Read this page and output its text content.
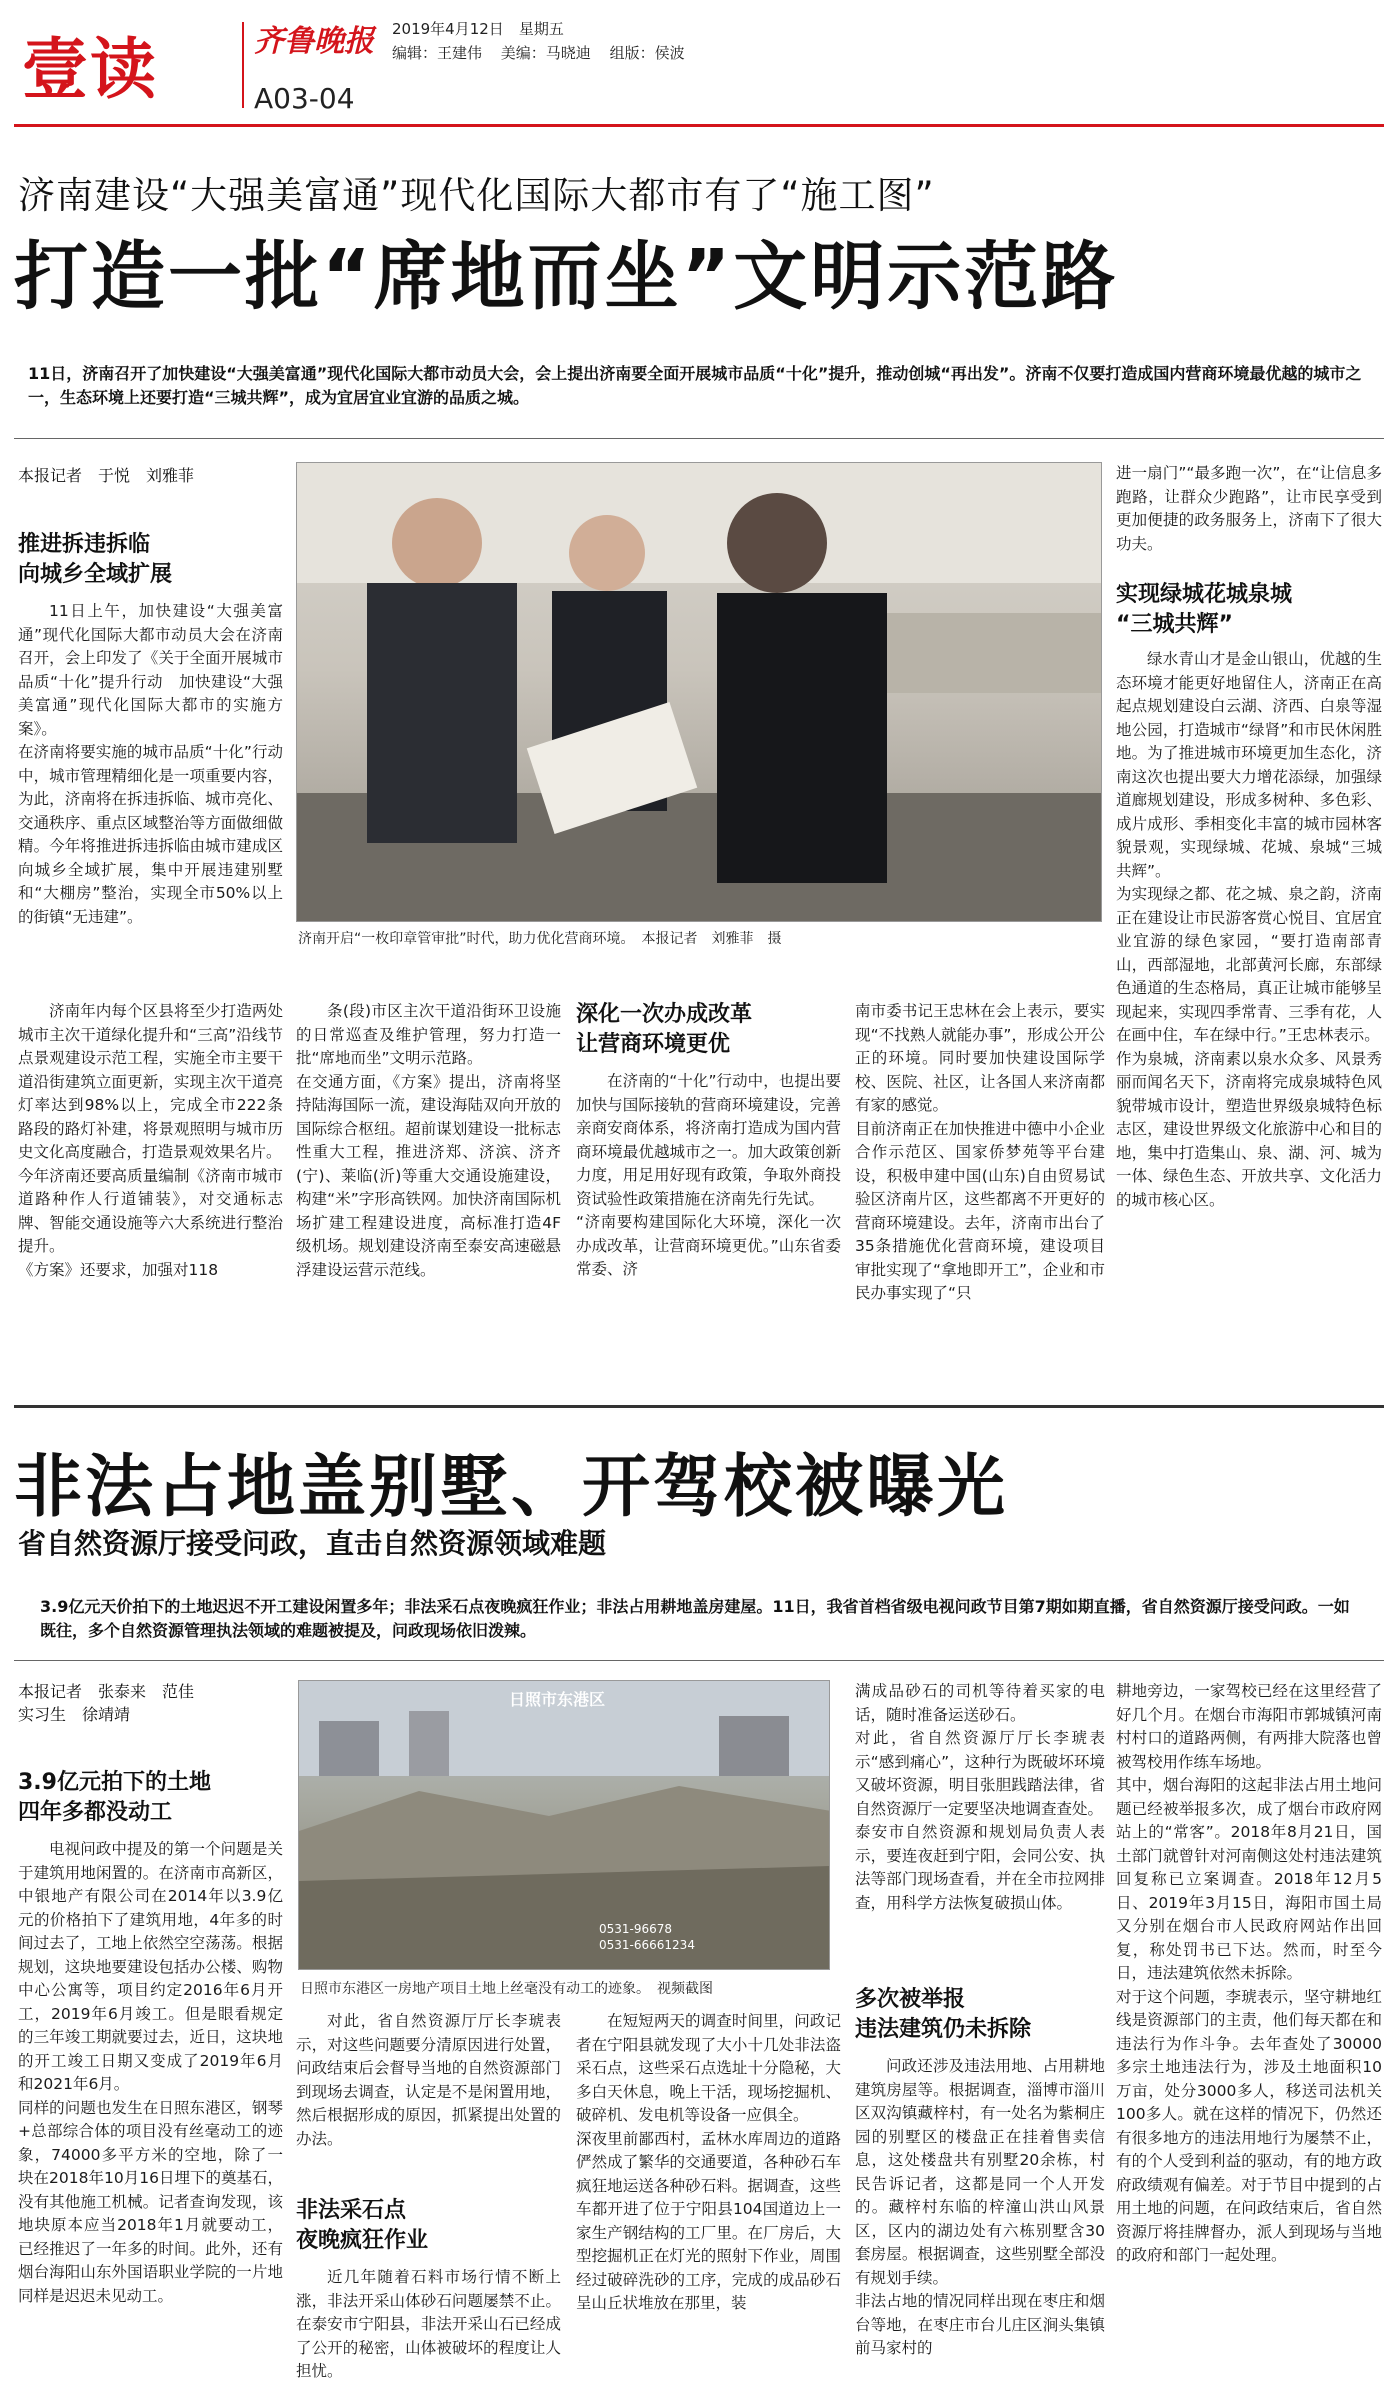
壹读	齐鲁晚报
A03-04
2019年4月12日　 星期五
编辑：王建伟 美编：马晓迪 组版：侯波
济南建设“大强美富通”现代化国际大都市有了“施工图”
打造一批“席地而坐”文明示范路
11日，济南召开了加快建设“大强美富通”现代化国际大都市动员大会，会上提出济南要全面开展城市品质“十化”提升，推动创城“再出发”。济南不仅要打造成国内营商环境最优越的城市之一，生态环境上还要打造“三城共辉”，成为宜居宜业宜游的品质之城。
本报记者　于悦　刘雅菲
推进拆违拆临
向城乡全域扩展
11日上午，加快建设“大强美富通”现代化国际大都市动员大会在济南召开，会上印发了《关于全面开展城市品质“十化”提升行动　加快建设“大强美富通”现代化国际大都市的实施方案》。
在济南将要实施的城市品质“十化”行动中，城市管理精细化是一项重要内容，为此，济南将在拆违拆临、城市亮化、交通秩序、重点区域整治等方面做细做精。今年将推进拆违拆临由城市建成区向城乡全域扩展，集中开展违建别墅和“大棚房”整治，实现全市50%以上的街镇“无违建”。
济南年内每个区县将至少打造两处城市主次干道绿化提升和“三高”沿线节点景观建设示范工程，实施全市主要干道沿街建筑立面更新，实现主次干道亮灯率达到98%以上，完成全市222条路段的路灯补建，将景观照明与城市历史文化高度融合，打造景观效果名片。
今年济南还要高质量编制《济南市城市道路种作人行道铺装》，对交通标志牌、智能交通设施等六大系统进行整治提升。
《方案》还要求，加强对118
济南开启“一枚印章管审批”时代，助力优化营商环境。　本报记者　刘雅菲　摄
条(段)市区主次干道沿街环卫设施的日常巡查及维护管理，努力打造一批“席地而坐”文明示范路。
在交通方面，《方案》提出，济南将坚持陆海国际一流，建设海陆双向开放的国际综合枢纽。超前谋划建设一批标志性重大工程，推进济郑、济滨、济齐(宁)、莱临(沂)等重大交通设施建设，构建“米”字形高铁网。加快济南国际机场扩建工程建设进度，高标准打造4F级机场。规划建设济南至泰安高速磁悬浮建设运营示范线。
深化一次办成改革
让营商环境更优
在济南的“十化”行动中，也提出要加快与国际接轨的营商环境建设，完善亲商安商体系，将济南打造成为国内营商环境最优越城市之一。加大政策创新力度，用足用好现有政策，争取外商投资试验性政策措施在济南先行先试。
“济南要构建国际化大环境，深化一次办成改革，让营商环境更优。”山东省委常委、济
南市委书记王忠林在会上表示，要实现“不找熟人就能办事”，形成公开公正的环境。同时要加快建设国际学校、医院、社区，让各国人来济南都有家的感觉。
目前济南正在加快推进中德中小企业合作示范区、国家侨梦苑等平台建设，积极申建中国(山东)自由贸易试验区济南片区，这些都离不开更好的营商环境建设。去年，济南市出台了35条措施优化营商环境，建设项目审批实现了“拿地即开工”，企业和市民办事实现了“只
进一扇门”“最多跑一次”，在“让信息多跑路，让群众少跑路”，让市民享受到更加便捷的政务服务上，济南下了很大功夫。
实现绿城花城泉城
“三城共辉”
绿水青山才是金山银山，优越的生态环境才能更好地留住人，济南正在高起点规划建设白云湖、济西、白泉等湿地公园，打造城市“绿肾”和市民休闲胜地。为了推进城市环境更加生态化，济南这次也提出要大力增花添绿，加强绿道廊规划建设，形成多树种、多色彩、成片成形、季相变化丰富的城市园林客貌景观，实现绿城、花城、泉城“三城共辉”。
为实现绿之都、花之城、泉之韵，济南正在建设让市民游客赏心悦目、宜居宜业宜游的绿色家园，“要打造南部青山，西部湿地，北部黄河长廊，东部绿色通道的生态格局，真正让城市能够呈现起来，实现四季常青、三季有花，人在画中住，车在绿中行。”王忠林表示。
作为泉城，济南素以泉水众多、风景秀丽而闻名天下，济南将完成泉城特色风貌带城市设计，塑造世界级泉城特色标志区，建设世界级文化旅游中心和目的地，集中打造集山、泉、湖、河、城为一体、绿色生态、开放共享、文化活力的城市核心区。
非法占地盖别墅、开驾校被曝光
省自然资源厅接受问政，直击自然资源领域难题
3.9亿元天价拍下的土地迟迟不开工建设闲置多年；非法采石点夜晚疯狂作业；非法占用耕地盖房建屋。11日，我省首档省级电视问政节目第7期如期直播，省自然资源厅接受问政。一如既往，多个自然资源管理执法领域的难题被提及，问政现场依旧泼辣。
本报记者　张泰来　范佳
实习生　徐靖靖
3.9亿元拍下的土地
四年多都没动工
电视问政中提及的第一个问题是关于建筑用地闲置的。在济南市高新区，中银地产有限公司在2014年以3.9亿元的价格拍下了建筑用地，4年多的时间过去了，工地上依然空空荡荡。根据规划，这块地要建设包括办公楼、购物中心公寓等，项目约定2016年6月开工，2019年6月竣工。但是眼看规定的三年竣工期就要过去，近日，这块地的开工竣工日期又变成了2019年6月和2021年6月。
同样的问题也发生在日照东港区，钢琴+总部综合体的项目没有丝毫动工的迹象，74000多平方米的空地，除了一块在2018年10月16日埋下的奠基石，没有其他施工机械。记者查询发现，该地块原本应当2018年1月就要动工，已经推迟了一年多的时间。此外，还有烟台海阳山东外国语职业学院的一片地同样是迟迟未见动工。
日照市东港区
0531-96678
0531-66661234
日照市东港区一房地产项目土地上丝毫没有动工的迹象。　视频截图
对此，省自然资源厅厅长李琥表示，对这些问题要分清原因进行处置，问政结束后会督导当地的自然资源部门到现场去调查，认定是不是闲置用地，然后根据形成的原因，抓紧提出处置的办法。
非法采石点
夜晚疯狂作业
近几年随着石料市场行情不断上涨，非法开采山体砂石问题屡禁不止。在泰安市宁阳县，非法开采山石已经成了公开的秘密，山体被破坏的程度让人担忧。
在短短两天的调查时间里，问政记者在宁阳县就发现了大小十几处非法盗采石点，这些采石点选址十分隐秘，大多白天休息，晚上干活，现场挖掘机、破碎机、发电机等设备一应俱全。
深夜里前鄙西村，孟林水库周边的道路俨然成了繁华的交通要道，各种砂石车疯狂地运送各种砂石料。据调查，这些车都开进了位于宁阳县104国道边上一家生产钢结构的工厂里。在厂房后，大型挖掘机正在灯光的照射下作业，周围经过破碎洗砂的工序，完成的成品砂石呈山丘状堆放在那里，装
满成品砂石的司机等待着买家的电话，随时准备运送砂石。
对此，省自然资源厅厅长李琥表示“感到痛心”，这种行为既破坏环境又破坏资源，明目张胆践踏法律，省自然资源厅一定要坚决地调查查处。
泰安市自然资源和规划局负责人表示，要连夜赶到宁阳，会同公安、执法等部门现场查看，并在全市拉网排查，用科学方法恢复破损山体。
多次被举报
违法建筑仍未拆除
问政还涉及违法用地、占用耕地建筑房屋等。根据调查，淄博市淄川区双沟镇藏梓村，有一处名为紫桐庄园的别墅区的楼盘正在挂着售卖信息，这处楼盘共有别墅20余栋，村民告诉记者，这都是同一个人开发的。藏梓村东临的梓潼山洪山风景区，区内的湖边处有六栋别墅含30套房屋。根据调查，这些别墅全部没有规划手续。
非法占地的情况同样出现在枣庄和烟台等地，在枣庄市台儿庄区涧头集镇前马家村的
耕地旁边，一家驾校已经在这里经营了好几个月。在烟台市海阳市郭城镇河南村村口的道路两侧，有两排大院落也曾被驾校用作练车场地。
其中，烟台海阳的这起非法占用土地问题已经被举报多次，成了烟台市政府网站上的“常客”。2018年8月21日，国土部门就曾针对河南侧这处村违法建筑回复称已立案调查。2018年12月5日、2019年3月15日，海阳市国土局又分别在烟台市人民政府网站作出回复，称处罚书已下达。然而，时至今日，违法建筑依然未拆除。
对于这个问题，李琥表示，坚守耕地红线是资源部门的主责，他们每天都在和违法行为作斗争。去年查处了30000多宗土地违法行为，涉及土地面积10万亩，处分3000多人，移送司法机关100多人。就在这样的情况下，仍然还有很多地方的违法用地行为屡禁不止，有的个人受到利益的驱动，有的地方政府政绩观有偏差。对于节目中提到的占用土地的问题，在问政结束后，省自然资源厅将挂牌督办，派人到现场与当地的政府和部门一起处理。
